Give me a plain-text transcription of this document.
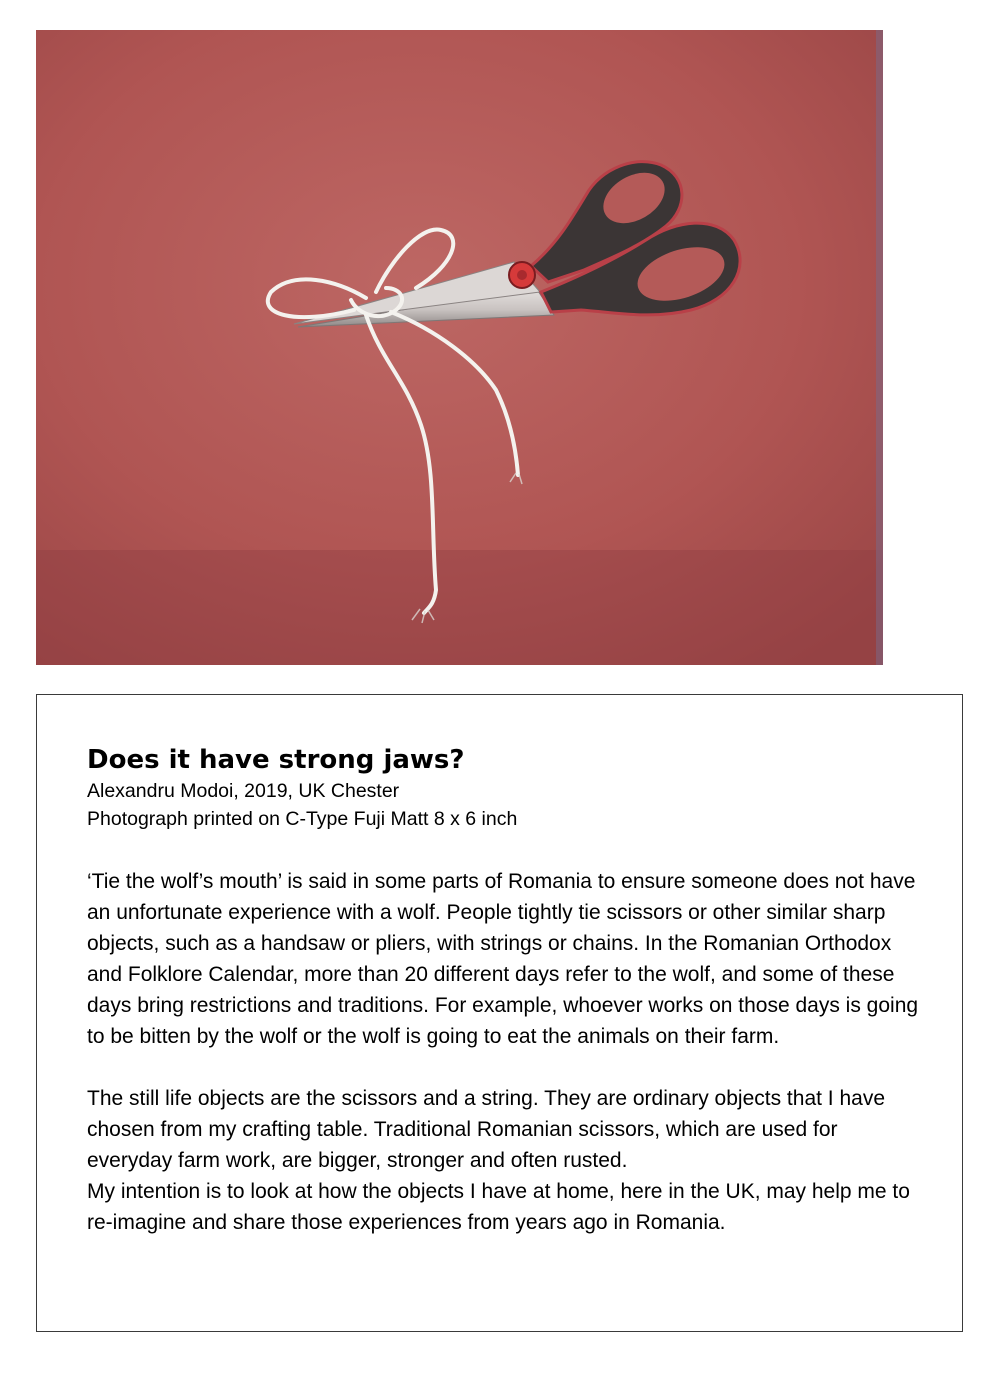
Does it have strong jaws?

Alexandru Modoi, 2019, UK Chester

Photograph printed on C-Type Fuji Matt 8 x 6 inch

‘Tie the wolf’s mouth’ is said in some parts of Romania to ensure someone does not have an unfortunate experience with a wolf. People tightly tie scissors or other similar sharp objects, such as a handsaw or pliers, with strings or chains. In the Romanian Orthodox and Folklore Calendar, more than 20 different days refer to the wolf, and some of these days bring restrictions and traditions. For example, whoever works on those days is going to be bitten by the wolf or the wolf is going to eat the animals on their farm.

The still life objects are the scissors and a string. They are ordinary objects that I have chosen from my crafting table. Traditional Romanian scissors, which are used for everyday farm work, are bigger, stronger and often rusted.

My intention is to look at how the objects I have at home, here in the UK, may help me to re-imagine and share those experiences from years ago in Romania.
